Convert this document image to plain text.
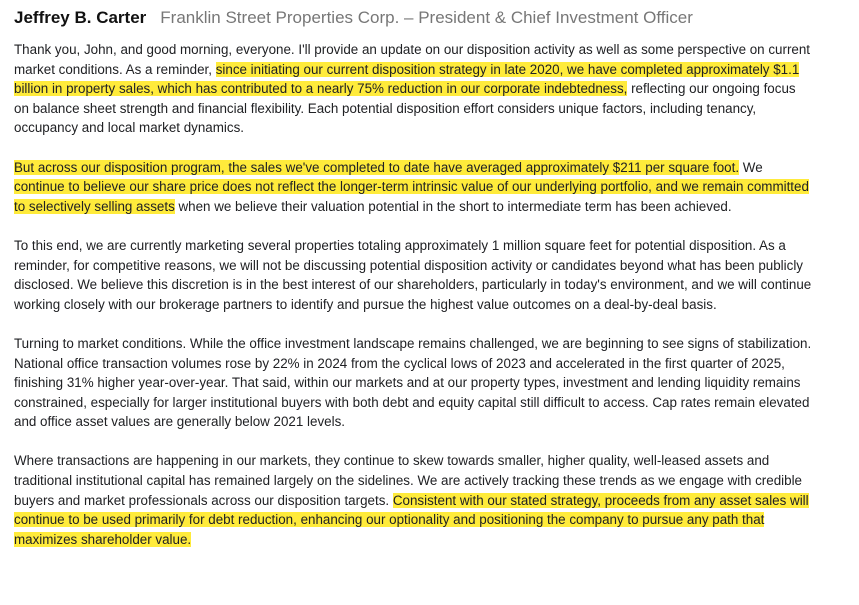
Jeffrey B. Carter Franklin Street Properties Corp. – President & Chief Investment Officer

Thank you, John, and good morning, everyone. I'll provide an update on our disposition activity as well as some perspective on current market conditions. As a reminder, since initiating our current disposition strategy in late 2020, we have completed approximately $1.1 billion in property sales, which has contributed to a nearly 75% reduction in our corporate indebtedness, reflecting our ongoing focus on balance sheet strength and financial flexibility. Each potential disposition effort considers unique factors, including tenancy, occupancy and local market dynamics.

But across our disposition program, the sales we've completed to date have averaged approximately $211 per square foot. We continue to believe our share price does not reflect the longer-term intrinsic value of our underlying portfolio, and we remain committed to selectively selling assets when we believe their valuation potential in the short to intermediate term has been achieved.

To this end, we are currently marketing several properties totaling approximately 1 million square feet for potential disposition. As a reminder, for competitive reasons, we will not be discussing potential disposition activity or candidates beyond what has been publicly disclosed. We believe this discretion is in the best interest of our shareholders, particularly in today's environment, and we will continue working closely with our brokerage partners to identify and pursue the highest value outcomes on a deal-by-deal basis.

Turning to market conditions. While the office investment landscape remains challenged, we are beginning to see signs of stabilization. National office transaction volumes rose by 22% in 2024 from the cyclical lows of 2023 and accelerated in the first quarter of 2025, finishing 31% higher year-over-year. That said, within our markets and at our property types, investment and lending liquidity remains constrained, especially for larger institutional buyers with both debt and equity capital still difficult to access. Cap rates remain elevated and office asset values are generally below 2021 levels.

Where transactions are happening in our markets, they continue to skew towards smaller, higher quality, well-leased assets and traditional institutional capital has remained largely on the sidelines. We are actively tracking these trends as we engage with credible buyers and market professionals across our disposition targets. Consistent with our stated strategy, proceeds from any asset sales will continue to be used primarily for debt reduction, enhancing our optionality and positioning the company to pursue any path that maximizes shareholder value.
